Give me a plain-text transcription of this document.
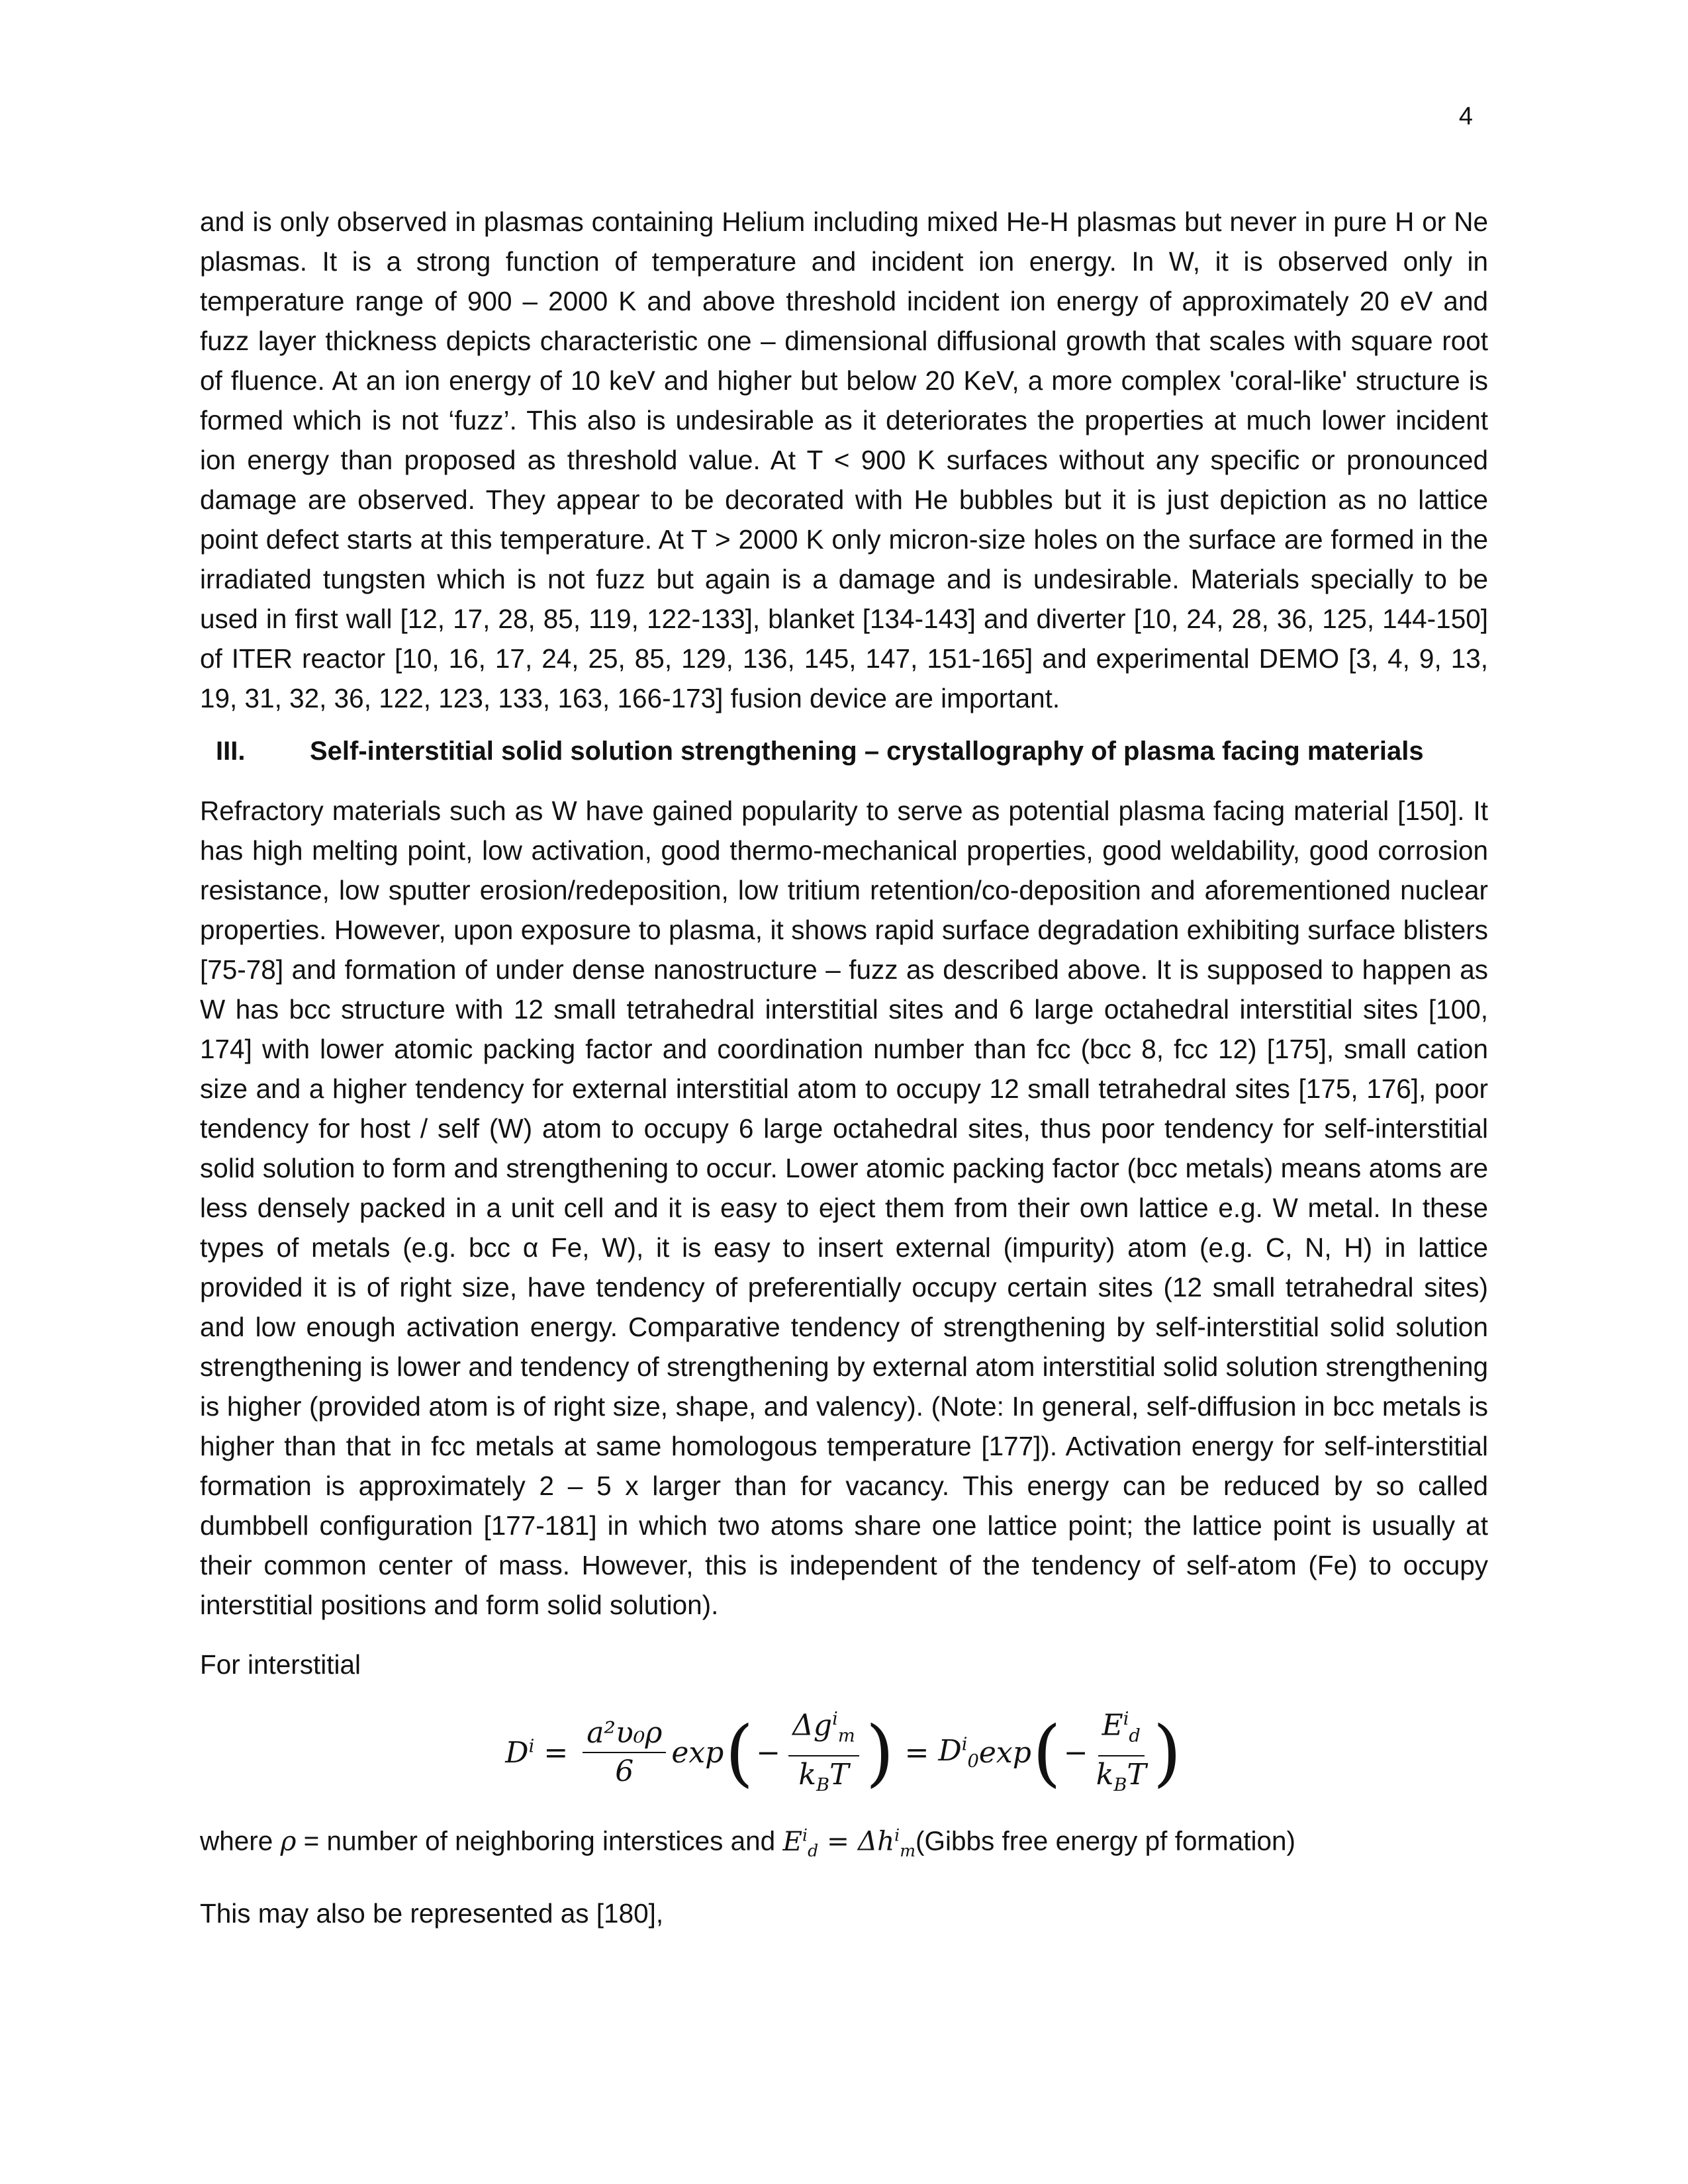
4

and is only observed in plasmas containing Helium including mixed He-H plasmas but never in pure H or Ne plasmas. It is a strong function of temperature and incident ion energy. In W, it is observed only in temperature range of 900 – 2000 K and above threshold incident ion energy of approximately 20 eV and fuzz layer thickness depicts characteristic one – dimensional diffusional growth that scales with square root of fluence. At an ion energy of 10 keV and higher but below 20 KeV, a more complex 'coral-like' structure is formed which is not ‘fuzz’. This also is undesirable as it deteriorates the properties at much lower incident ion energy than proposed as threshold value. At T < 900 K surfaces without any specific or pronounced damage are observed. They appear to be decorated with He bubbles but it is just depiction as no lattice point defect starts at this temperature. At T > 2000 K only micron-size holes on the surface are formed in the irradiated tungsten which is not fuzz but again is a damage and is undesirable. Materials specially to be used in first wall [12, 17, 28, 85, 119, 122-133], blanket [134-143] and diverter [10, 24, 28, 36, 125, 144-150] of ITER reactor [10, 16, 17, 24, 25, 85, 129, 136, 145, 147, 151-165] and experimental DEMO [3, 4, 9, 13, 19, 31, 32, 36, 122, 123, 133, 163, 166-173] fusion device are important.

III.	Self-interstitial solid solution strengthening – crystallography of plasma facing materials

Refractory materials such as W have gained popularity to serve as potential plasma facing material [150]. It has high melting point, low activation, good thermo-mechanical properties, good weldability, good corrosion resistance, low sputter erosion/redeposition, low tritium retention/co-deposition and aforementioned nuclear properties. However, upon exposure to plasma, it shows rapid surface degradation exhibiting surface blisters [75-78] and formation of under dense nanostructure – fuzz as described above. It is supposed to happen as W has bcc structure with 12 small tetrahedral interstitial sites and 6 large octahedral interstitial sites [100, 174] with lower atomic packing factor and coordination number than fcc (bcc 8, fcc 12) [175], small cation size and a higher tendency for external interstitial atom to occupy 12 small tetrahedral sites [175, 176], poor tendency for host / self (W) atom to occupy 6 large octahedral sites, thus poor tendency for self-interstitial solid solution to form and strengthening to occur. Lower atomic packing factor (bcc metals) means atoms are less densely packed in a unit cell and it is easy to eject them from their own lattice e.g. W metal. In these types of metals (e.g. bcc α Fe, W), it is easy to insert external (impurity) atom (e.g. C, N, H) in lattice provided it is of right size, have tendency of preferentially occupy certain sites (12 small tetrahedral sites) and low enough activation energy. Comparative tendency of strengthening by self-interstitial solid solution strengthening is lower and tendency of strengthening by external atom interstitial solid solution strengthening is higher (provided atom is of right size, shape, and valency). (Note: In general, self-diffusion in bcc metals is higher than that in fcc metals at same homologous temperature [177]). Activation energy for self-interstitial formation is approximately 2 – 5 x larger than for vacancy. This energy can be reduced by so called dumbbell configuration [177-181] in which two atoms share one lattice point; the lattice point is usually at their common center of mass. However, this is independent of the tendency of self-atom (Fe) to occupy interstitial positions and form solid solution).

For interstitial

$D^i = \frac{\text{a²υ₀ρ}}{6}$ exp ( − $\frac{\Delta g^i_m}{k_BT}$ ) = $D^i_0$ exp ( − $\frac{E^i_d}{k_BT}$ )

where ρ = number of neighboring interstices and $E^i_d$ = $\Delta h^i_m(Gibbs$ free energy pf formation)

This may also be represented as [180],
